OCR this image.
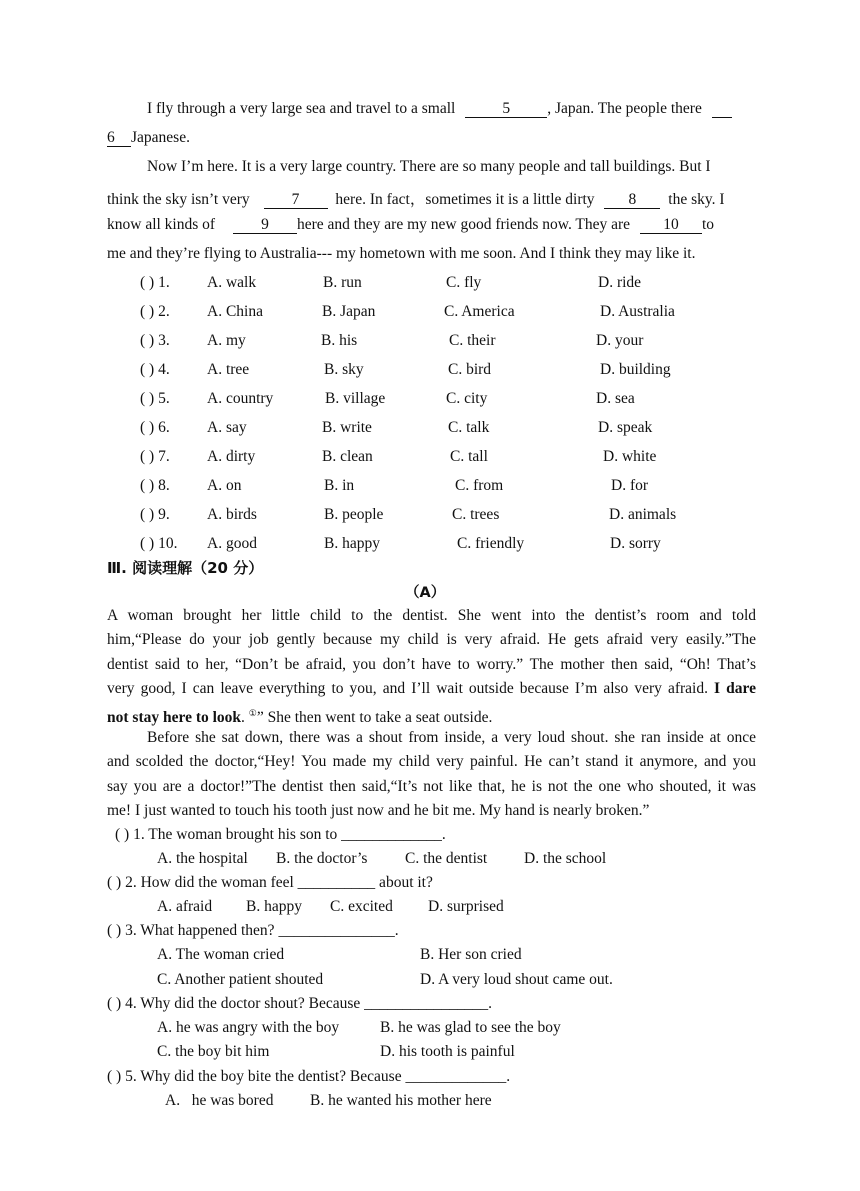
I fly through a very large sea and travel to a small	5 , Japan. The people there
6 Japanese.
Now I’m here. It is a very large country. There are so many people and tall buildings. But I
think the sky isn’t very	7 here. In fact，sometimes it is a little dirty 8 the sky. I
know all kinds of	9 here and they are my new good friends now. They are 10 to
me and they’re flying to Australia--- my hometown with me soon. And I think they may like it.
( ) 1. A. walk	B. run	C. fly	D. ride
( ) 2. A. China	B. Japan	C. America	D. Australia
( ) 3. A. my	B. his	C. their	D. your
( ) 4. A. tree	B. sky	C. bird	D. building
( ) 5. A. country	B. village	C. city	D. sea
( ) 6. A. say	B. write	C. talk	D. speak
( ) 7. A. dirty	B. clean	C. tall	D. white
( ) 8. A. on	B. in	C. from	D. for
( ) 9. A. birds	B. people	C. trees	D. animals
( ) 10. A. good	B. happy	C. friendly	D. sorry
Ⅲ. 阅读理解（20 分）
（A）
A woman brought her little child to the dentist. She went into the dentist’s room and told
him,“Please do your job gently because my child is very afraid. He gets afraid very easily.”The
dentist said to her, “Don’t be afraid, you don’t have to worry.” The mother then said, “Oh! That’s
very good, I can leave everything to you, and I’ll wait outside because I’m also very afraid. I dare
not stay here to look. ①” She then went to take a seat outside.
Before she sat down, there was a shout from inside, a very loud shout. she ran inside at once
and scolded the doctor,“Hey! You made my child very painful. He can’t stand it anymore, and you
say you are a doctor!”The dentist then said,“It’s not like that, he is not the one who shouted, it was
me! I just wanted to touch his tooth just now and he bit me. My hand is nearly broken.”
( ) 1. The woman brought his son to _____________.
A. the hospital B. the doctor’s C. the dentist D. the school
( ) 2. How did the woman feel __________ about it?
A. afraid B. happy C. excited D. surprised
( ) 3. What happened then? _______________.
A. The woman cried	B. Her son cried
C. Another patient shouted	D. A very loud shout came out.
( ) 4. Why did the doctor shout? Because ________________.
A. he was angry with the boy	B. he was glad to see the boy
C. the boy bit him	D. his tooth is painful
( ) 5. Why did the boy bite the dentist? Because _____________.
A.   he was bored B. he wanted his mother here
